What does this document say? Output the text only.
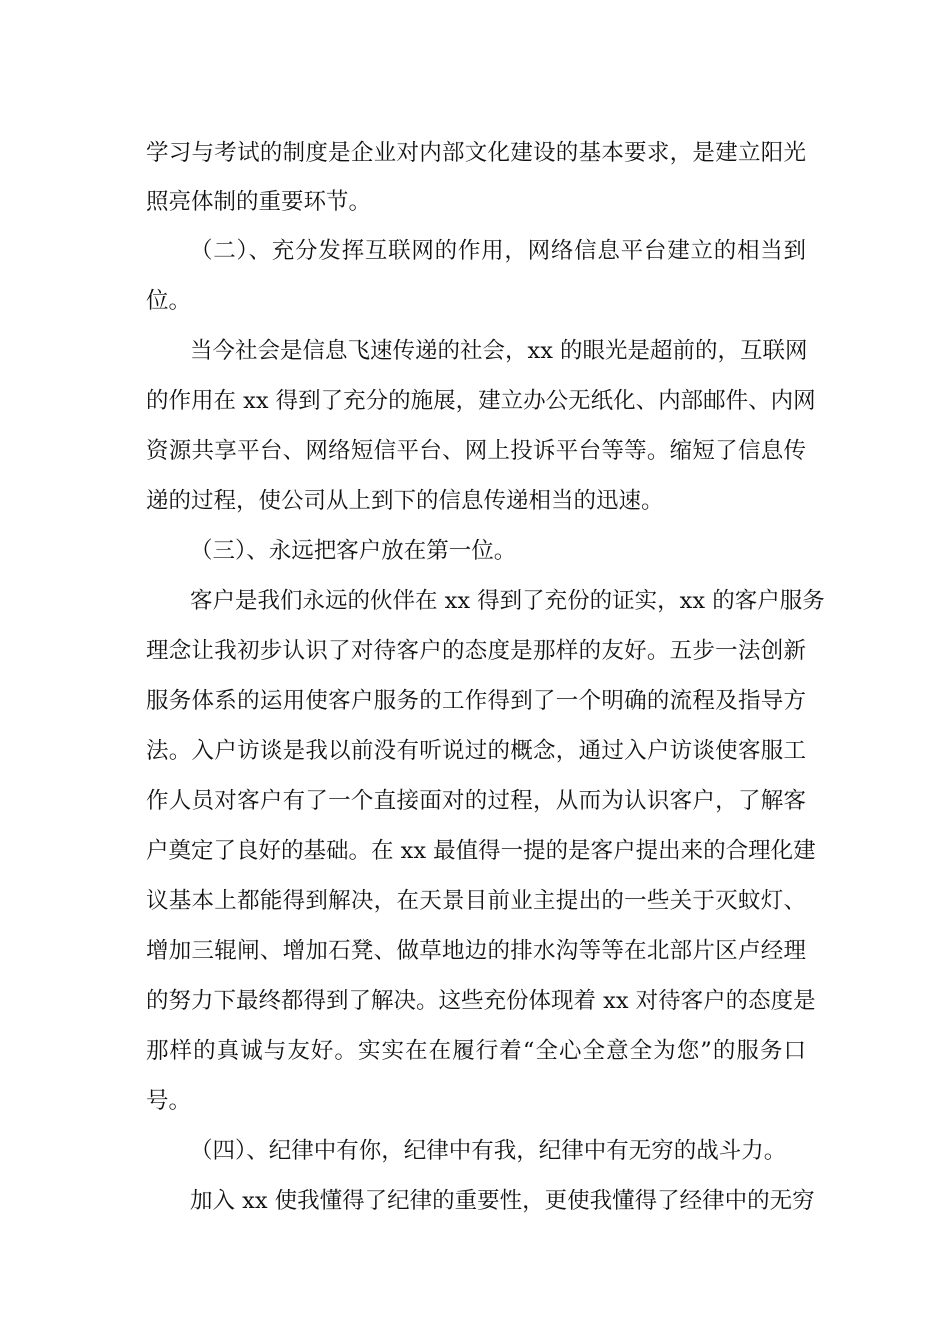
学习与考试的制度是企业对内部文化建设的基本要求，是建立阳光
照亮体制的重要环节。
（二）、充分发挥互联网的作用，网络信息平台建立的相当到
位。
当今社会是信息飞速传递的社会，xx 的眼光是超前的，互联网
的作用在 xx 得到了充分的施展，建立办公无纸化、内部邮件、内网
资源共享平台、网络短信平台、网上投诉平台等等。缩短了信息传
递的过程，使公司从上到下的信息传递相当的迅速。
（三）、永远把客户放在第一位。
客户是我们永远的伙伴在 xx 得到了充份的证实，xx 的客户服务
理念让我初步认识了对待客户的态度是那样的友好。五步一法创新
服务体系的运用使客户服务的工作得到了一个明确的流程及指导方
法。入户访谈是我以前没有听说过的概念，通过入户访谈使客服工
作人员对客户有了一个直接面对的过程，从而为认识客户，了解客
户奠定了良好的基础。在 xx 最值得一提的是客户提出来的合理化建
议基本上都能得到解决，在天景目前业主提出的一些关于灭蚊灯、
增加三辊闸、增加石凳、做草地边的排水沟等等在北部片区卢经理
的努力下最终都得到了解决。这些充份体现着 xx 对待客户的态度是
那样的真诚与友好。实实在在履行着“全心全意全为您”的服务口
号。
（四）、纪律中有你，纪律中有我，纪律中有无穷的战斗力。
加入 xx 使我懂得了纪律的重要性，更使我懂得了经律中的无穷
